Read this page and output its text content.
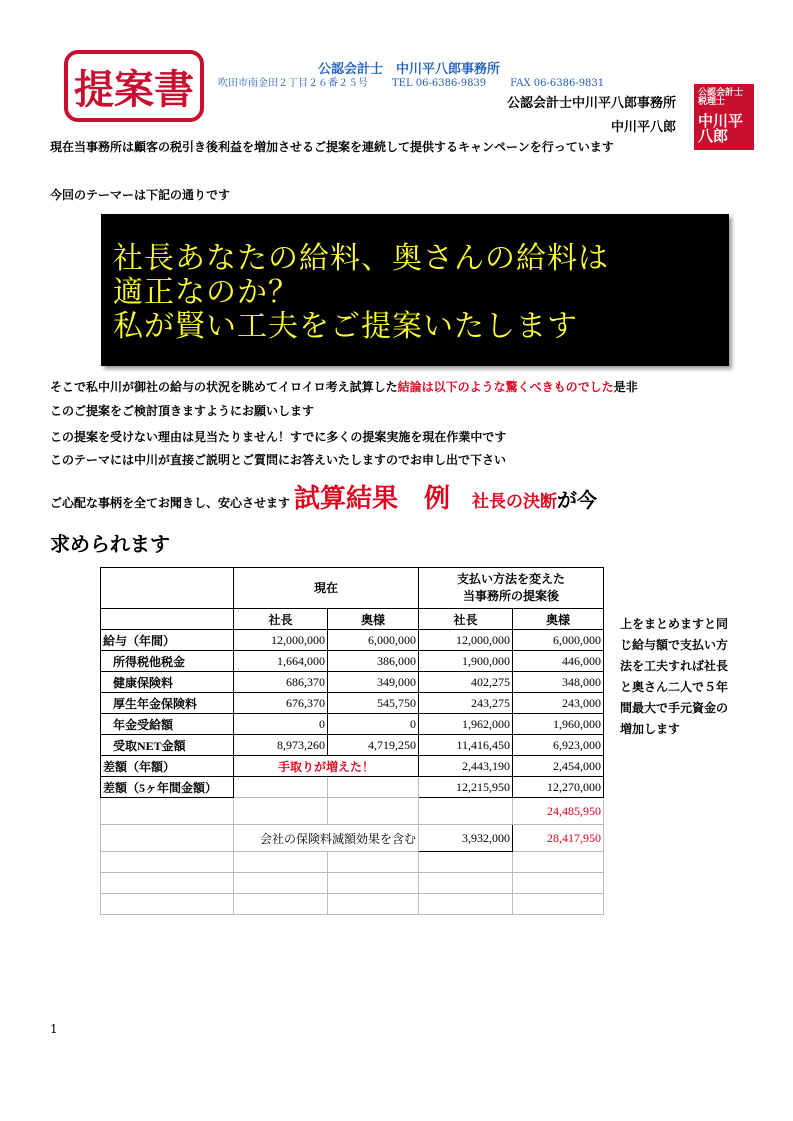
提案書	公認会計士　中川平八郎事務所
吹田市南金田２丁目２６番２５号 TEL 06-6386-9839 FAX 06-6386-9831
公認会計士中川平八郎事務所
中川平八郎
公認会計士税理士
中川平八郎
現在当事務所は顧客の税引き後利益を増加させるご提案を連続して提供するキャンペーンを行っています
今回のテーマーは下記の通りです
社長あなたの給料、奥さんの給料は
適正なのか？
私が賢い工夫をご提案いたします
そこで私中川が御社の給与の状況を眺めてイロイロ考え試算した結論は以下のような驚くべきものでした是非
このご提案をご検討頂きますようにお願いします
この提案を受けない理由は見当たりません！すでに多くの提案実施を現在作業中です
このテーマには中川が直接ご説明とご質問にお答えいたしますのでお申し出で下さい
ご心配な事柄を全てお聞きし、安心させます 試算結果　例 社長の決断が今
求められます
	現在		支払い方法を変えた
当事務所の提案後	

	社長	奥様	社長	奥様
給与（年間）	12,000,000	6,000,000	12,000,000	6,000,000
所得税他税金	1,664,000	386,000	1,900,000	446,000
健康保険料	686,370	349,000	402,275	348,000
厚生年金保険料	676,370	545,750	243,275	243,000
年金受給額	0	0	1,962,000	1,960,000
受取NET金額	8,973,260	4,719,250	11,416,450	6,923,000
差額（年額）	手取りが増えた！		2,443,190	2,454,000
差額（5ヶ年間金額）			12,215,950	12,270,000
				24,485,950
	会社の保険料減額効果を含む		3,932,000	28,417,950

上をまとめますと同じ給与額で支払い方法を工夫すれば社長と奥さん二人で５年間最大で手元資金の増加します
1
